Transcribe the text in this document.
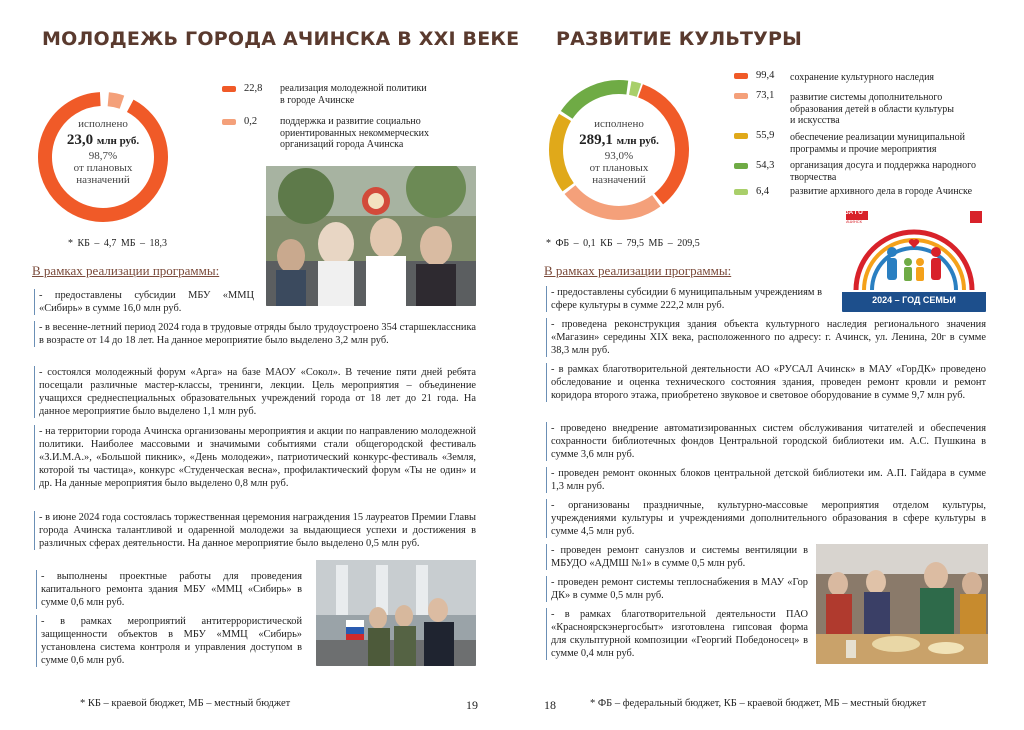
МОЛОДЕЖЬ ГОРОДА АЧИНСКА В XXI ВЕКЕ
исполнено
23,0 млн руб.
98,7%
от плановых
назначений
22,8 реализация молодежной политики
в городе Ачинске
0,2 поддержка и развитие социально
ориентированных некоммерческих
организаций города Ачинска
* КБ – 4,7 МБ – 18,3
В рамках реализации программы:
- предоставлены субсидии МБУ «ММЦ «Сибирь» в сумме 16,0 млн руб.
- в весенне-летний период 2024 года в трудовые отряды было трудоустроено 354 старшеклассника в возрасте от 14 до 18 лет. На данное мероприятие было выделено 3,2 млн руб.
- состоялся молодежный форум «Арга» на базе МАОУ «Сокол». В течение пяти дней ребята посещали различные мастер-классы, тренинги, лекции. Цель мероприятия – объединение учащихся среднеспециальных образовательных учреждений города от 18 лет до 21 года. На данное мероприятие было выделено 1,1 млн руб.
- на территории города Ачинска организованы мероприятия и акции по направлению молодежной политики. Наиболее массовыми и значимыми событиями стали общегородской фестиваль «З.И.М.А.», «Большой пикник», «День молодежи», патриотический конкурс-фестиваль «Земля, которой ты частица», конкурс «Студенческая весна», профилактический форум «Ты не один» и др. На данные мероприятия было выделено 0,8 млн руб.
- в июне 2024 года состоялась торжественная церемония награждения 15 лауреатов Премии Главы города Ачинска талантливой и одаренной молодежи за выдающиеся успехи и достижения в различных сферах деятельности. На данное мероприятие было выделено 0,5 млн руб.
- выполнены проектные работы для проведения капитального ремонта здания МБУ «ММЦ «Сибирь» в сумме 0,6 млн руб.
- в рамках мероприятий антитеррористической защищенности объектов в МБУ «ММЦ «Сибирь» установлена система контроля и управления доступом в сумме 0,6 млн руб.
* КБ – краевой бюджет, МБ – местный бюджет	19
РАЗВИТИЕ КУЛЬТУРЫ
исполнено
289,1 млн руб.
93,0%
от плановых
назначений
99,4 сохранение культурного наследия
73,1 развитие системы дополнительного
образования детей в области культуры
и искусства
55,9 обеспечение реализации муниципальной
программы и прочие мероприятия
54,3 организация досуга и поддержка народного
творчества
6,4 развитие архивного дела в городе Ачинске
ЗА ГО
АЧИНСК
2024 – ГОД СЕМЬИ
* ФБ – 0,1 КБ – 79,5 МБ – 209,5
В рамках реализации программы:
- предоставлены субсидии 6 муниципальным учреждениям в сфере культуры в сумме 222,2 млн руб.
- проведена реконструкция здания объекта культурного наследия регионального значения «Магазин» середины XIX века, расположенного по адресу: г. Ачинск, ул. Ленина, 20г в сумме 38,3 млн руб.
- в рамках благотворительной деятельности АО «РУСАЛ Ачинск» в МАУ «ГорДК» проведено обследование и оценка технического состояния здания, проведен ремонт кровли и ремонт коридора второго этажа, приобретено звуковое и световое оборудование в сумме 9,7 млн руб.
- проведено внедрение автоматизированных систем обслуживания читателей и обеспечения сохранности библиотечных фондов Центральной городской библиотеки им. А.С. Пушкина в сумме 3,6 млн руб.
- проведен ремонт оконных блоков центральной детской библиотеки им. А.П. Гайдара в сумме 1,3 млн руб.
- организованы праздничные, культурно-массовые мероприятия отделом культуры, учреждениями культуры и учреждениями дополнительного образования в сфере культуры в сумме 4,5 млн руб.
- проведен ремонт санузлов и системы вентиляции в МБУДО «АДМШ №1» в сумме 0,5 млн руб.
- проведен ремонт системы теплоснабжения в МАУ «Гор ДК» в сумме 0,5 млн руб.
- в рамках благотворительной деятельности ПАО «Красноярскэнергосбыт» изготовлена гипсовая форма для скульптурной композиции «Георгий Победоносец» в сумме 0,4 млн руб.
18	* ФБ – федеральный бюджет, КБ – краевой бюджет, МБ – местный бюджет
